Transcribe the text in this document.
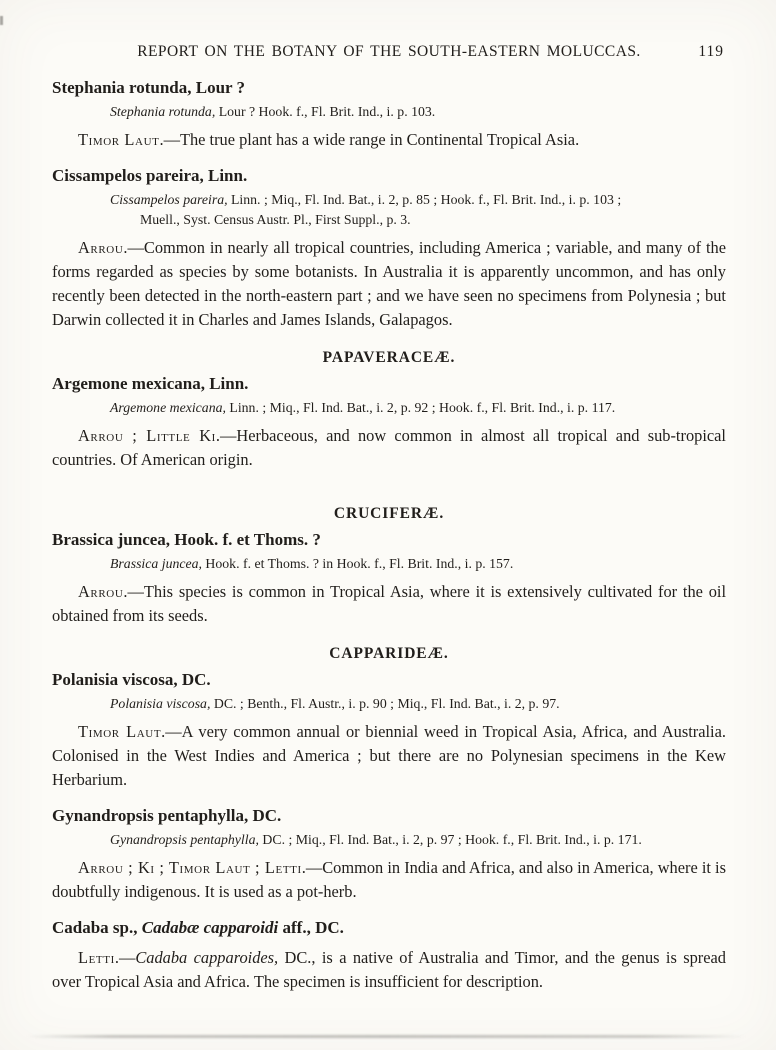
REPORT ON THE BOTANY OF THE SOUTH-EASTERN MOLUCCAS.	119
Stephania rotunda, Lour ?

Stephania rotunda, Lour ? Hook. f., Fl. Brit. Ind., i. p. 103.

Timor Laut.—The true plant has a wide range in Continental Tropical Asia.

Cissampelos pareira, Linn.

Cissampelos pareira, Linn. ; Miq., Fl. Ind. Bat., i. 2, p. 85 ; Hook. f., Fl. Brit. Ind., i. p. 103 ;
Muell., Syst. Census Austr. Pl., First Suppl., p. 3.

Arrou.—Common in nearly all tropical countries, including America ; variable, and many of the forms regarded as species by some botanists. In Australia it is apparently uncommon, and has only recently been detected in the north-eastern part ; and we have seen no specimens from Polynesia ; but Darwin collected it in Charles and James Islands, Galapagos.

PAPAVERACEÆ.
Argemone mexicana, Linn.

Argemone mexicana, Linn. ; Miq., Fl. Ind. Bat., i. 2, p. 92 ; Hook. f., Fl. Brit. Ind., i. p. 117.

Arrou ; Little Ki.—Herbaceous, and now common in almost all tropical and sub-tropical countries. Of American origin.

CRUCIFERÆ.
Brassica juncea, Hook. f. et Thoms. ?

Brassica juncea, Hook. f. et Thoms. ? in Hook. f., Fl. Brit. Ind., i. p. 157.

Arrou.—This species is common in Tropical Asia, where it is extensively cultivated for the oil obtained from its seeds.

CAPPARIDEÆ.
Polanisia viscosa, DC.

Polanisia viscosa, DC. ; Benth., Fl. Austr., i. p. 90 ; Miq., Fl. Ind. Bat., i. 2, p. 97.

Timor Laut.—A very common annual or biennial weed in Tropical Asia, Africa, and Australia. Colonised in the West Indies and America ; but there are no Polynesian specimens in the Kew Herbarium.

Gynandropsis pentaphylla, DC.

Gynandropsis pentaphylla, DC. ; Miq., Fl. Ind. Bat., i. 2, p. 97 ; Hook. f., Fl. Brit. Ind., i. p. 171.

Arrou ; Ki ; Timor Laut ; Letti.—Common in India and Africa, and also in America, where it is doubtfully indigenous. It is used as a pot-herb.

Cadaba sp., Cadabæ capparoidi aff., DC.

Letti.—Cadaba capparoides, DC., is a native of Australia and Timor, and the genus is spread over Tropical Asia and Africa. The specimen is insufficient for description.
